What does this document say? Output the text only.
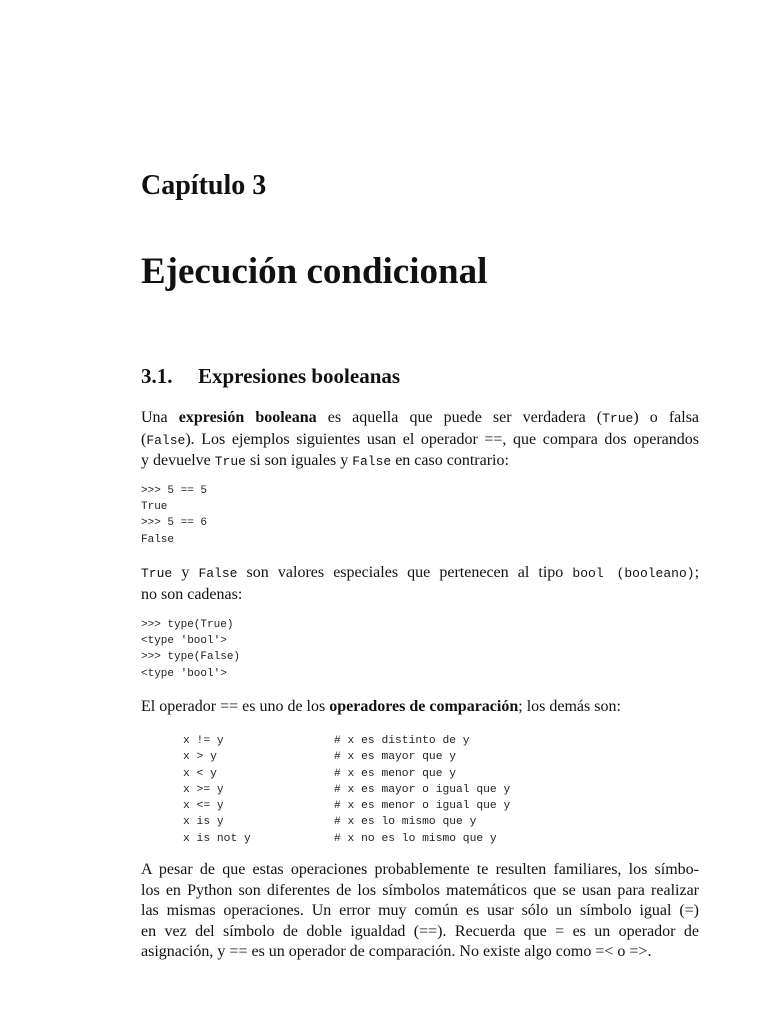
Capítulo 3
Ejecución condicional
3.1. Expresiones booleanas
Una expresión booleana es aquella que puede ser verdadera (True) o falsa
(False). Los ejemplos siguientes usan el operador ==, que compara dos operandos
y devuelve True si son iguales y False en caso contrario:
>>> 5 == 5
True
>>> 5 == 6
False
True y False son valores especiales que pertenecen al tipo bool (booleano);
no son cadenas:
>>> type(True)
<type 'bool'>
>>> type(False)
<type 'bool'>
El operador == es uno de los operadores de comparación; los demás son:
x != y	# x es distinto de y
x > y	# x es mayor que y
x < y	# x es menor que y
x >= y	# x es mayor o igual que y
x <= y	# x es menor o igual que y
x is y	# x es lo mismo que y
x is not y	# x no es lo mismo que y
A pesar de que estas operaciones probablemente te resulten familiares, los símbo-
los en Python son diferentes de los símbolos matemáticos que se usan para realizar
las mismas operaciones. Un error muy común es usar sólo un símbolo igual (=)
en vez del símbolo de doble igualdad (==). Recuerda que = es un operador de
asignación, y == es un operador de comparación. No existe algo como =< o =>.
